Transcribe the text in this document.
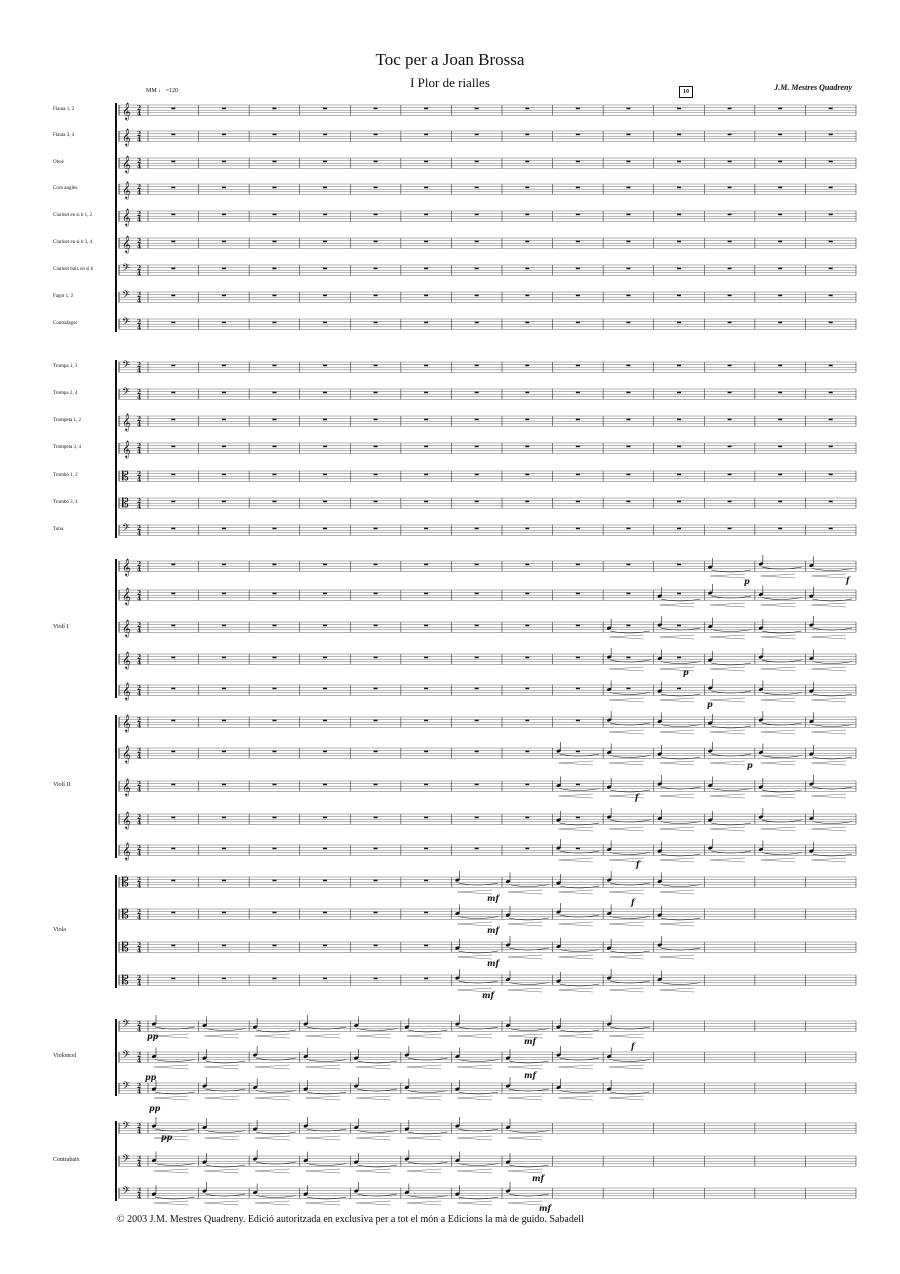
Toc per a Joan Brossa
I Plor de rialles	J.M. Mestres Quadreny
MM ♩ =120	10
𝄞 2
4
𝄞 2
4
𝄞 2
4
𝄞 2
4
𝄞 2
4
𝄞 2
4
𝄢 2
4
𝄢 2
4
𝄢 2
4
𝄢 2
4
𝄢 2
4
𝄞 2
4
𝄞 2
4
𝄡 2
4
𝄡 2
4
𝄢 2
4
𝄞 2
4
𝄞 2
4
𝄞 2
4
𝄞 2
4
𝄞 2
4
𝄞 2
4
𝄞 2
4
𝄞 2
4
𝄞 2
4
𝄞 2
4
𝄡 2
4
𝄡 2
4
𝄡 2
4
𝄡 2
4
𝄢 2
4
𝄢 2
4
𝄢 2
4
𝄢 2
4
𝄢 2
4
𝄢 2
4
p
p
p	f
f
f
p
mf
mf
mf
mf
f
f
pp
pp
pp
pp
mf
mf
mf
mf
Flauta 1, 2
Flauta 3, 4
Oboè
Corn anglès
Clarinet en si b 1, 2
Clarinet en si b 3, 4
Clarinet baix en si b
Fagot 1, 2
Contrafagot
Trompa 1, 3
Trompa 2, 4
Trompeta 1, 2
Trompeta 3, 4
Trombó 1, 2
Trombó 3, 4
Tuba
Violí I
Violí II
Viola
Violoncel
Contrabaix
© 2003 J.M. Mestres Quadreny. Edició autoritzada en exclusiva per a tot el món a Edicions la mà de guido. Sabadell
